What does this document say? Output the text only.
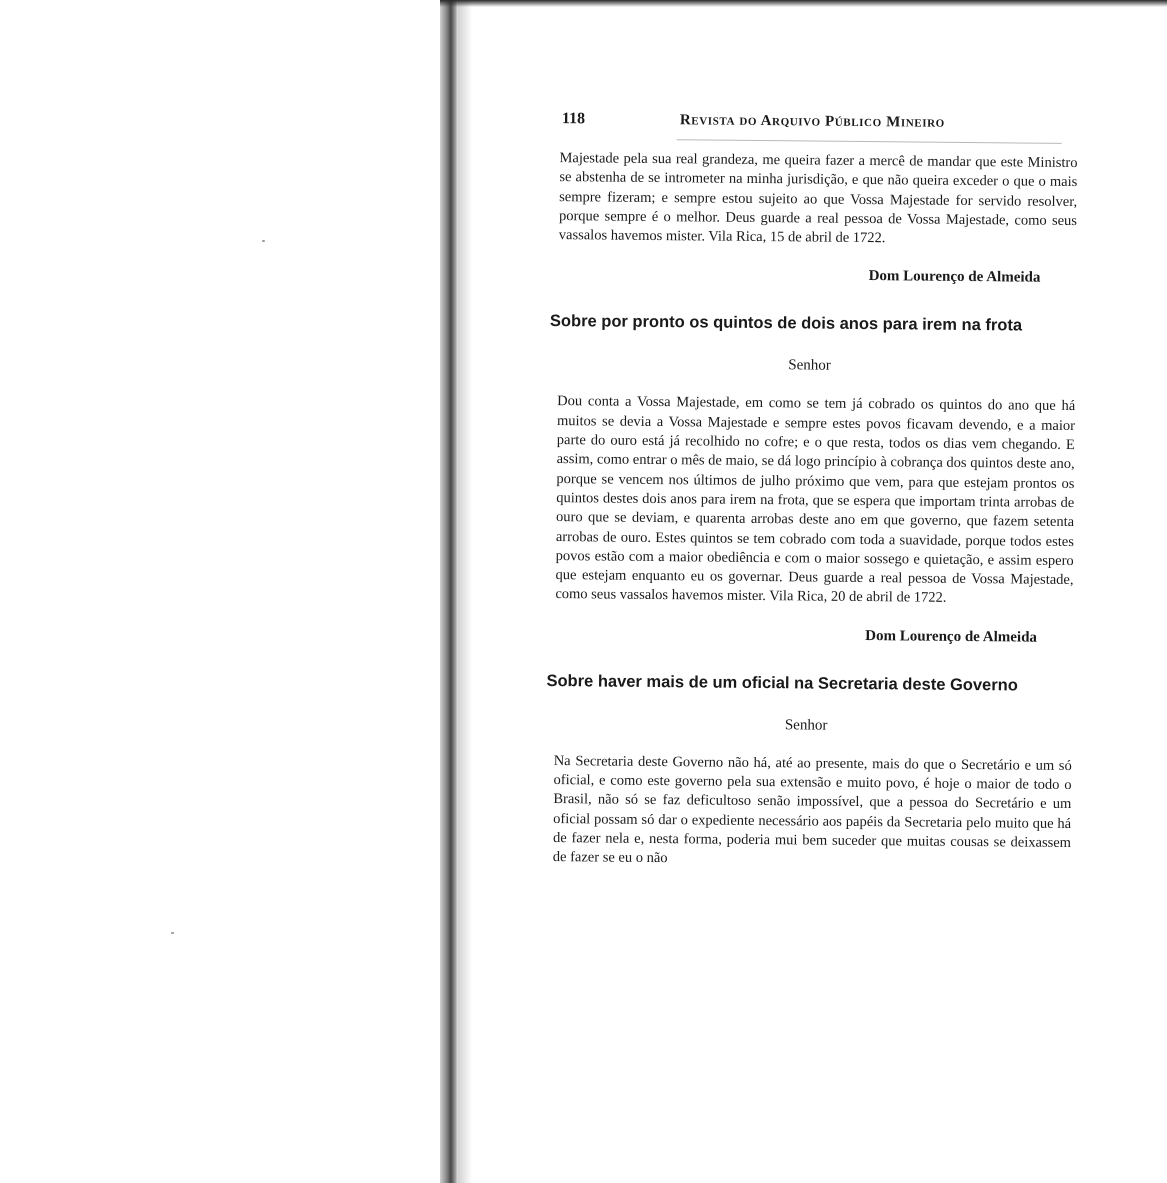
118	Revista do Arquivo Público Mineiro

Majestade pela sua real grandeza, me queira fazer a mercê de mandar que este Ministro se abstenha de se intrometer na minha jurisdição, e que não queira exceder o que o mais sempre fizeram; e sempre estou sujeito ao que Vossa Majestade for servido resolver, porque sempre é o melhor. Deus guarde a real pessoa de Vossa Majestade, como seus vassalos havemos mister. Vila Rica, 15 de abril de 1722.

Dom Lourenço de Almeida
Sobre por pronto os quintos de dois anos para irem na frota
Senhor

Dou conta a Vossa Majestade, em como se tem já cobrado os quintos do ano que há muitos se devia a Vossa Majestade e sempre estes povos ficavam devendo, e a maior parte do ouro está já recolhido no cofre; e o que resta, todos os dias vem chegando. E assim, como entrar o mês de maio, se dá logo princípio à cobrança dos quintos deste ano, porque se vencem nos últimos de julho próximo que vem, para que estejam prontos os quintos destes dois anos para irem na frota, que se espera que importam trinta arrobas de ouro que se deviam, e quarenta arrobas deste ano em que governo, que fazem setenta arrobas de ouro. Estes quintos se tem cobrado com toda a suavidade, porque todos estes povos estão com a maior obediência e com o maior sossego e quietação, e assim espero que estejam enquanto eu os governar. Deus guarde a real pessoa de Vossa Majestade, como seus vassalos havemos mister. Vila Rica, 20 de abril de 1722.

Dom Lourenço de Almeida
Sobre haver mais de um oficial na Secretaria deste Governo
Senhor

Na Secretaria deste Governo não há, até ao presente, mais do que o Secretário e um só oficial, e como este governo pela sua extensão e muito povo, é hoje o maior de todo o Brasil, não só se faz deficultoso senão impossível, que a pessoa do Secretário e um oficial possam só dar o expediente necessário aos papéis da Secretaria pelo muito que há de fazer nela e, nesta forma, poderia mui bem suceder que muitas cousas se deixassem de fazer se eu o não
